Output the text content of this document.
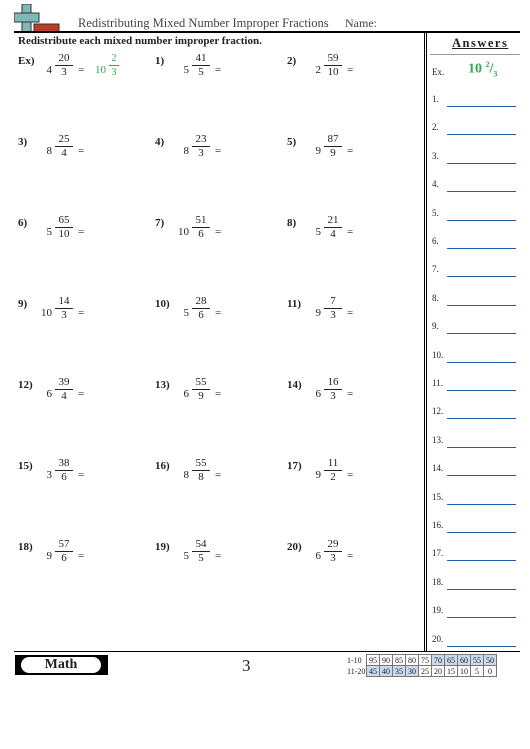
Redistributing Mixed Number Improper Fractions Name:
Redistribute each mixed number improper fraction.
Ex)
4
20
3	= 10
2
3
1)
5
41
5	=
2)
2
59
10 =
3)
8
25
4	=
4)
8
23
3	=
5)
9
87
9	=
6)
5
65
10 =
7)
10
51
6	=
8)
5
21
4	=
9)
10
14
3	=
10)
5
28
6	=
11)
9
7
3	=
12)
6
39
4	=
13)
6
55
9	=
14)
6
16
3	=
15)
3
38
6	=
16)
8
55
8	=
17)
9
11
2	=
18)
9
57
6	=
19)
5
54
5	=
20)
6
29
3	=
Answers
Ex. 10 $^2/_3$
1.
2.
3.
4.
5.
6.
7.
8.
9.
10.
11.
12.
13.
14.
15.
16.
17.
18.
19.
20.
Math	3	1-10 95 90 85 80 75 70 65 60 55 50
11-20 45 40 35 30 25 20 15 10 5	0
